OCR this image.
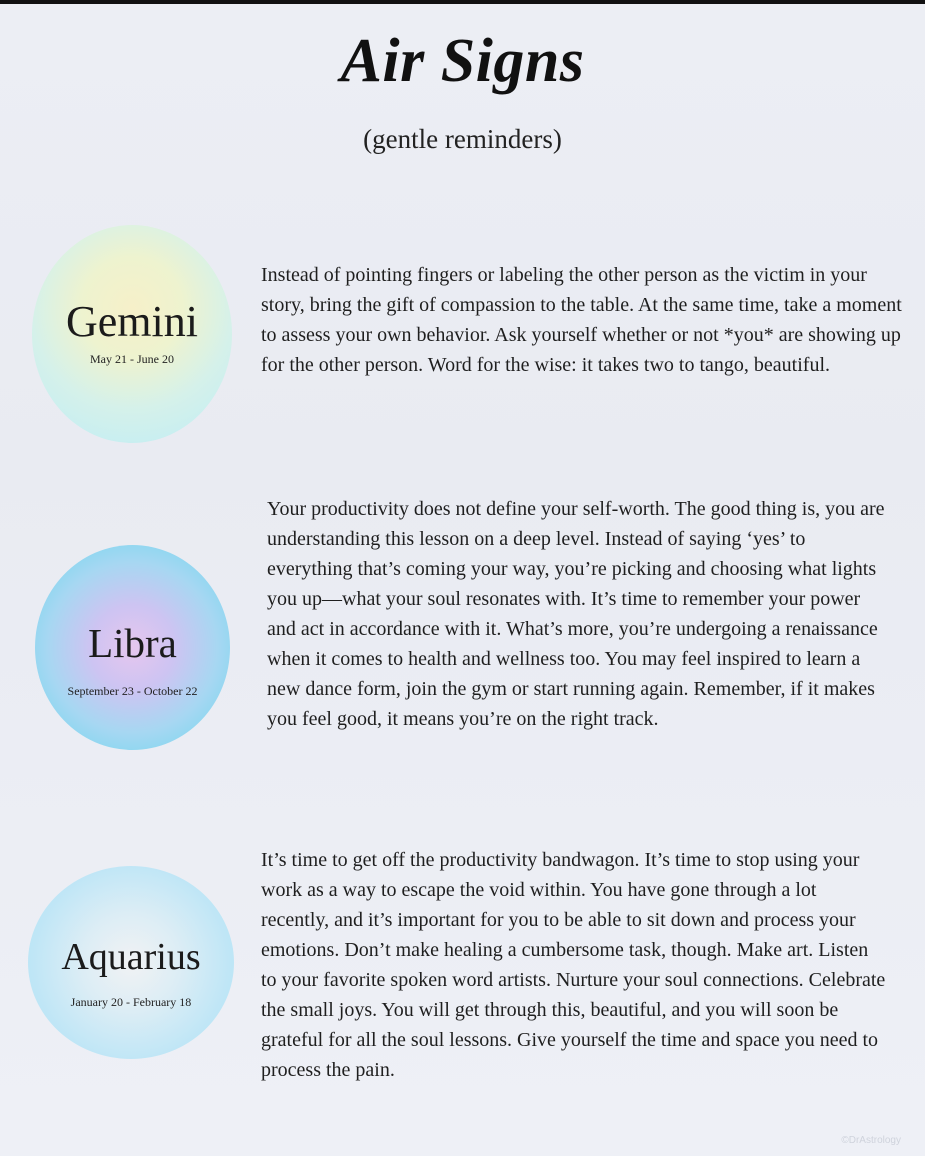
Air Signs
(gentle reminders)
Gemini
May 21 - June 20

Instead of pointing fingers or labeling the other person as the victim in your story, bring the gift of compassion to the table. At the same time, take a moment to assess your own behavior. Ask yourself whether or not *you* are showing up for the other person. Word for the wise: it takes two to tango, beautiful.

Libra
September 23 - October 22

Your productivity does not define your self-worth. The good thing is, you are understanding this lesson on a deep level. Instead of saying ‘yes’ to everything that’s coming your way, you’re picking and choosing what lights you up—what your soul resonates with. It’s time to remember your power and act in accordance with it. What’s more, you’re undergoing a renaissance when it comes to health and wellness too. You may feel inspired to learn a new dance form, join the gym or start running again. Remember, if it makes you feel good, it means you’re on the right track.

Aquarius
January 20 - February 18

It’s time to get off the productivity bandwagon. It’s time to stop using your work as a way to escape the void within. You have gone through a lot recently, and it’s important for you to be able to sit down and process your emotions. Don’t make healing a cumbersome task, though. Make art. Listen to your favorite spoken word artists. Nurture your soul connections. Celebrate the small joys. You will get through this, beautiful, and you will soon be grateful for all the soul lessons. Give yourself the time and space you need to process the pain.

©DrAstrology
